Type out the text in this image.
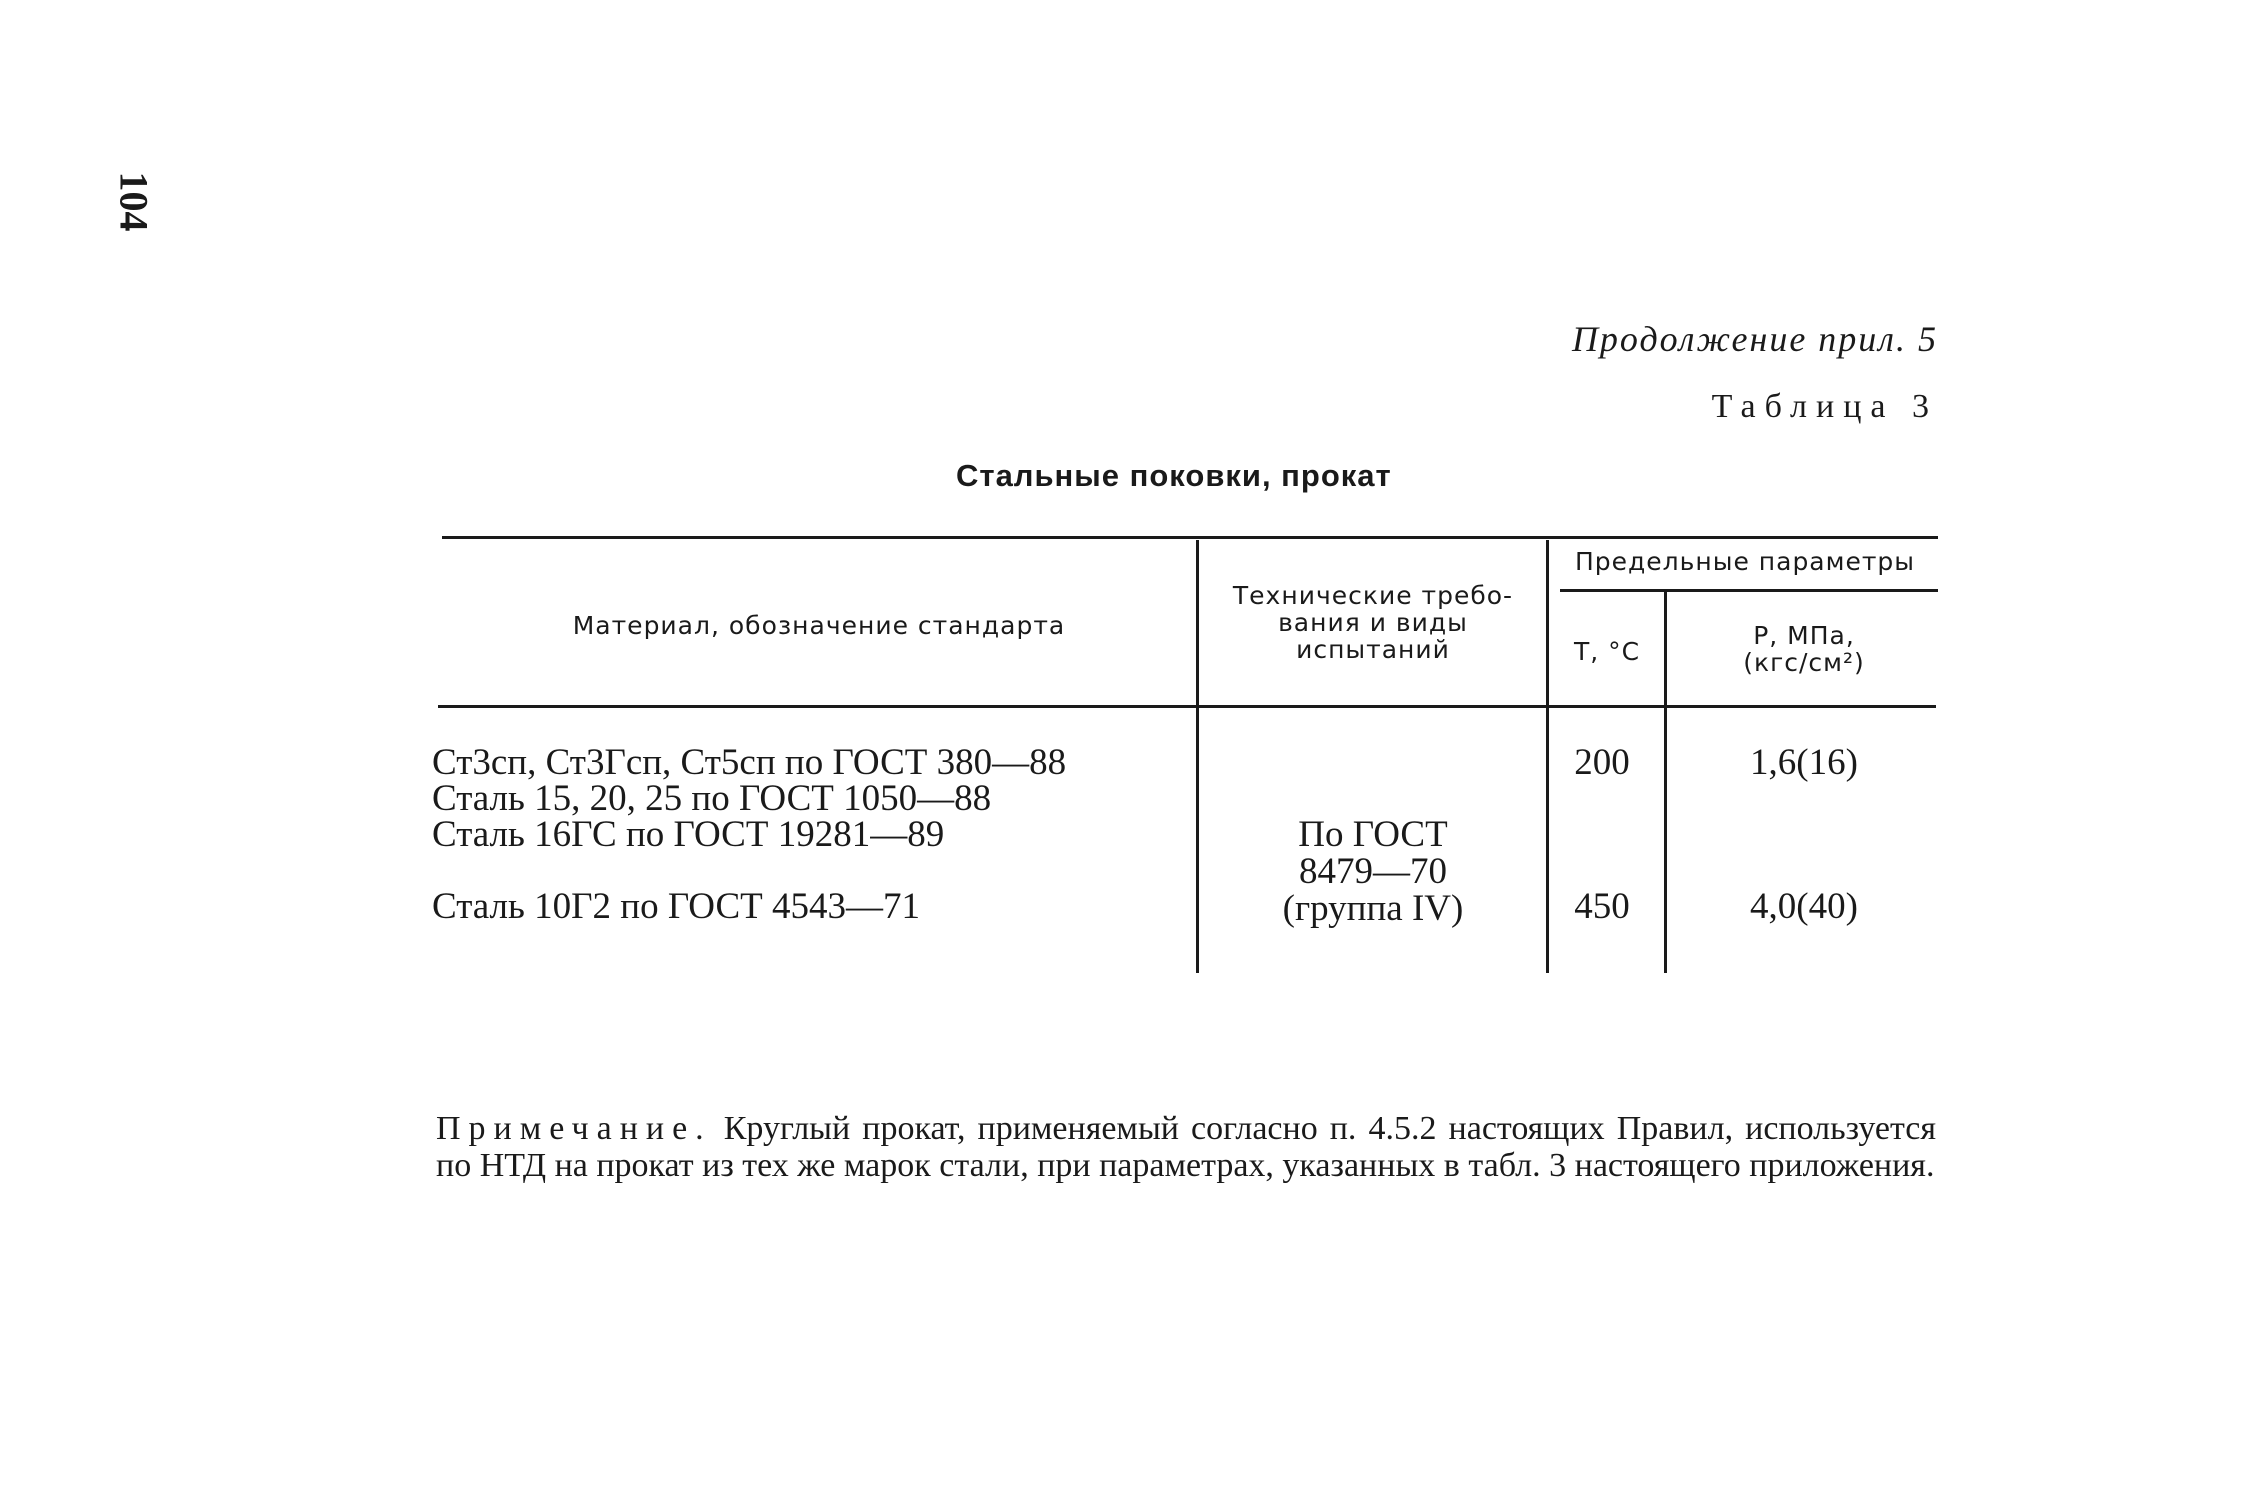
104
Продолжение прил. 5
Таблица 3
Стальные поковки, прокат
Материал, обозначение стандарта
Технические требо-
вания и виды
испытаний
Предельные параметры
Т, °С
Р, МПа,
(кгс/см²)
Ст3сп, Ст3Гсп, Ст5сп по ГОСТ 380—88
Сталь 15, 20, 25 по ГОСТ 1050—88
Сталь 16ГС по ГОСТ 19281—89
Сталь 10Г2 по ГОСТ 4543—71
По ГОСТ
8479—70
(группа IV)
200
450
1,6(16)
4,0(40)
Примечание. Круглый прокат, применяемый согласно п. 4.5.2 настоящих Правил, используется по НТД на прокат из тех же марок стали, при параметрах, указанных в табл. 3 настоящего приложения.
